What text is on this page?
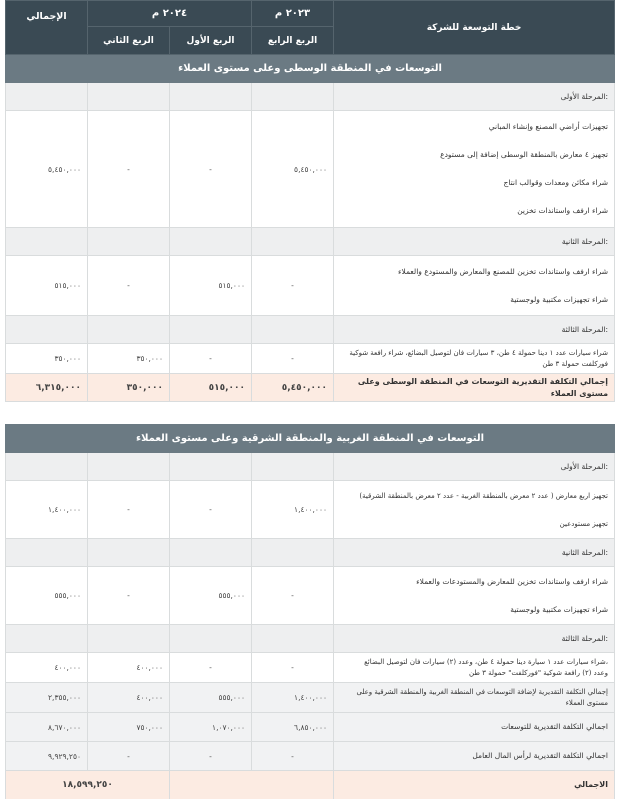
الإجمالي	٢٠٢٤ م		٢٠٢٣ م	خطة التوسعة للشركة
	الربع الثاني	الربع الأول	الربع الرابع	
التوسعات في المنطقة الوسطى وعلى مستوى العملاء				
				المرحلة الأولى:
٥,٤٥٠,٠٠٠	-	-	٥,٤٥٠,٠٠٠	تجهيزات أراضي المصنع وإنشاء المباني

تجهيز ٤ معارض بالمنطقة الوسطى إضافة إلى مستودع

شراء مكائن ومعدات وقوالب انتاج

شراء ارفف واستاندات تخزين

				المرحلة الثانية:
٥١٥,٠٠٠	-	٥١٥,٠٠٠	-	شراء ارفف واستاندات تخزين للمصنع والمعارض والمستودع والعملاء

شراء تجهيزات مكتبية ولوجستية

				المرحلة الثالثة:
٣٥٠,٠٠٠	٣٥٠,٠٠٠	-	-	شراء سيارات عدد ١ دينا حمولة ٤ طن، ٣ سيارات فان لتوصيل البضائع، شراء رافعة شوكية

فوركلفت حمولة ٣ طن

٦,٣١٥,٠٠٠	٣٥٠,٠٠٠	٥١٥,٠٠٠	٥,٤٥٠,٠٠٠	إجمالي التكلفة التقديرية التوسعات في المنطقة الوسطى وعلى مستوى العملاء

التوسعات في المنطقة الغربية والمنطقة الشرقية وعلى مستوى العملاء				
				المرحلة الأولى:
١,٤٠٠,٠٠٠	-	-	١,٤٠٠,٠٠٠	تجهيز اربع معارض ( عدد ٢ معرض بالمنطقة الغربية - عدد ٢ معرض بالمنطقة الشرقية)

تجهيز مستودعين

				المرحلة الثانية:
٥٥٥,٠٠٠	-	٥٥٥,٠٠٠	-	شراء ارفف واستاندات تخزين للمعارض والمستودعات والعملاء

شراء تجهيزات مكتبية ولوجستية

				المرحلة الثالثة:
٤٠٠,٠٠٠	٤٠٠,٠٠٠	-	-	شراء سيارات عدد ١ سيارة دينا حمولة ٤ طن، وعدد (٢) سيارات فان لتوصيل البضائع،

وعدد (٢) رافعة شوكية "فوركلفت" حمولة ٣ طن

٢,٣٥٥,٠٠٠	٤٠٠,٠٠٠	٥٥٥,٠٠٠	١,٤٠٠,٠٠٠	إجمالي التكلفة التقديرية لإضافة التوسعات في المنطقة الغربية والمنطقة الشرقية وعلى

مستوى العملاء

٨,٦٧٠,٠٠٠	٧٥٠,٠٠٠	١,٠٧٠,٠٠٠	٦,٨٥٠,٠٠٠	اجمالي التكلفة التقديرية للتوسعات
٩,٩٢٩,٢٥٠	-	-	-	اجمالي التكلفة التقديرية لرأس المال العامل
١٨,٥٩٩,٢٥٠				الاجمالي
